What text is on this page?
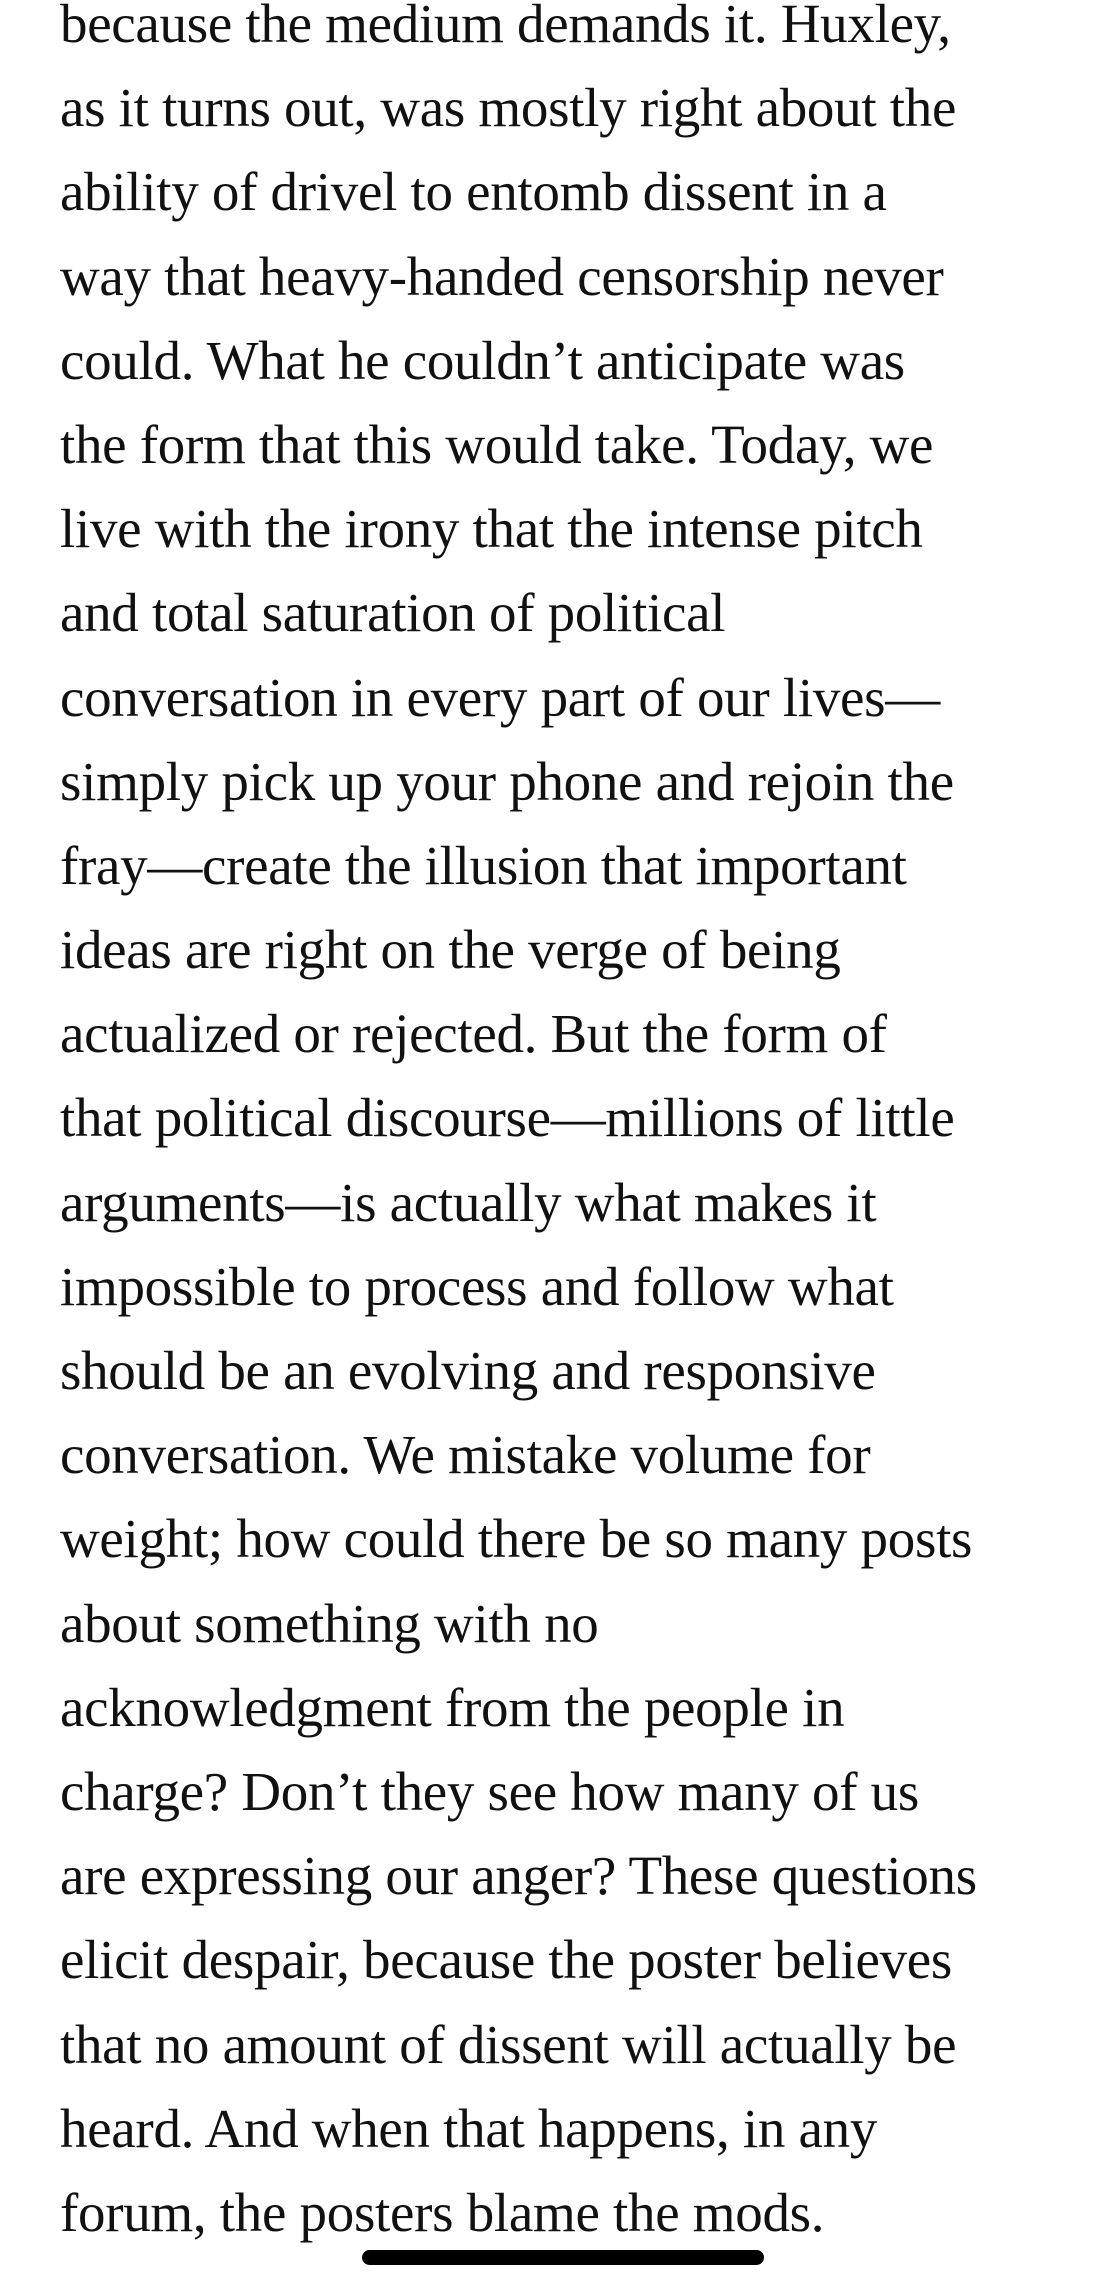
because the medium demands it. Huxley,
as it turns out, was mostly right about the
ability of drivel to entomb dissent in a
way that heavy-handed censorship never
could. What he couldn’t anticipate was
the form that this would take. Today, we
live with the irony that the intense pitch
and total saturation of political
conversation in every part of our lives—
simply pick up your phone and rejoin the
fray—create the illusion that important
ideas are right on the verge of being
actualized or rejected. But the form of
that political discourse—millions of little
arguments—is actually what makes it
impossible to process and follow what
should be an evolving and responsive
conversation. We mistake volume for
weight; how could there be so many posts
about something with no
acknowledgment from the people in
charge? Don’t they see how many of us
are expressing our anger? These questions
elicit despair, because the poster believes
that no amount of dissent will actually be
heard. And when that happens, in any
forum, the posters blame the mods.
